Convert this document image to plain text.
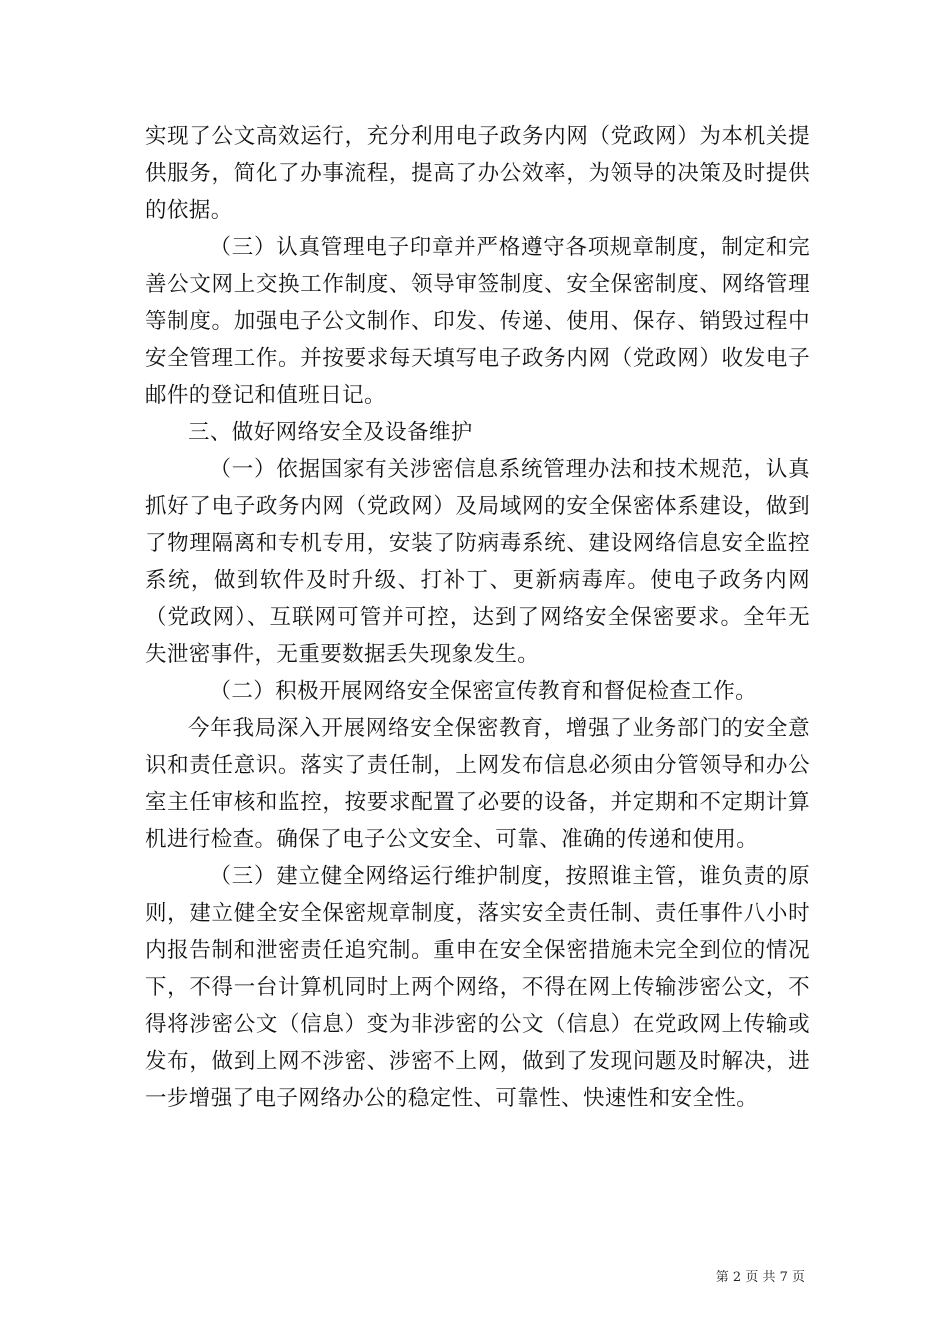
实现了公文高效运行，充分利用电子政务内网（党政网）为本机关提供服务，简化了办事流程，提高了办公效率，为领导的决策及时提供的依据。

（三）认真管理电子印章并严格遵守各项规章制度，制定和完善公文网上交换工作制度、领导审签制度、安全保密制度、网络管理等制度。加强电子公文制作、印发、传递、使用、保存、销毁过程中安全管理工作。并按要求每天填写电子政务内网（党政网）收发电子邮件的登记和值班日记。

三、做好网络安全及设备维护

（一）依据国家有关涉密信息系统管理办法和技术规范，认真抓好了电子政务内网（党政网）及局域网的安全保密体系建设，做到了物理隔离和专机专用，安装了防病毒系统、建设网络信息安全监控系统，做到软件及时升级、打补丁、更新病毒库。使电子政务内网（党政网）、互联网可管并可控，达到了网络安全保密要求。全年无失泄密事件，无重要数据丢失现象发生。

（二）积极开展网络安全保密宣传教育和督促检查工作。

今年我局深入开展网络安全保密教育，增强了业务部门的安全意识和责任意识。落实了责任制，上网发布信息必须由分管领导和办公室主任审核和监控，按要求配置了必要的设备，并定期和不定期计算机进行检查。确保了电子公文安全、可靠、准确的传递和使用。

（三）建立健全网络运行维护制度，按照谁主管，谁负责的原则，建立健全安全保密规章制度，落实安全责任制、责任事件八小时内报告制和泄密责任追究制。重申在安全保密措施未完全到位的情况下，不得一台计算机同时上两个网络，不得在网上传输涉密公文，不得将涉密公文（信息）变为非涉密的公文（信息）在党政网上传输或发布，做到上网不涉密、涉密不上网，做到了发现问题及时解决，进一步增强了电子网络办公的稳定性、可靠性、快速性和安全性。

第 2 页 共 7 页
